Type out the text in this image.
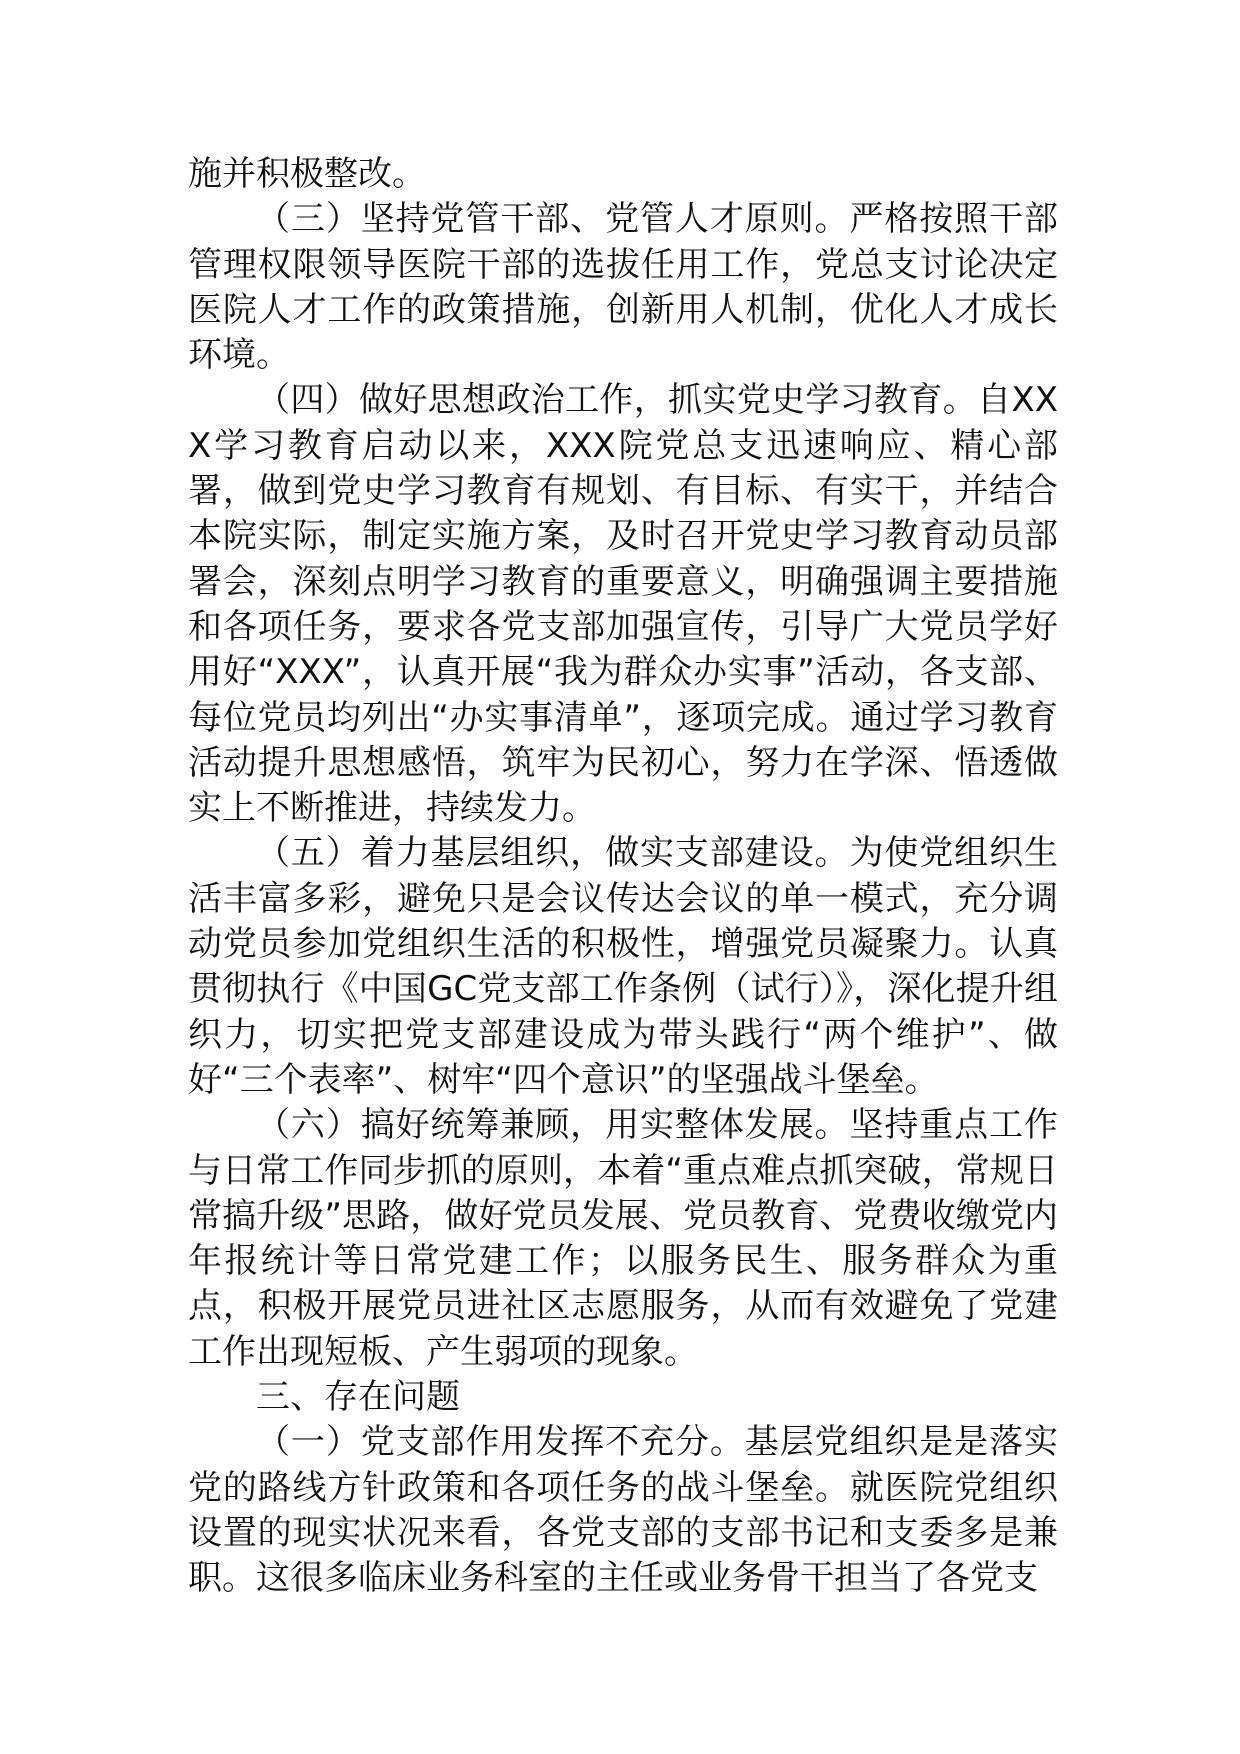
施并积极整改。

（三）坚持党管干部、党管人才原则。严格按照干部管理权限领导医院干部的选拔任用工作，党总支讨论决定医院人才工作的政策措施，创新用人机制，优化人才成长环境。

（四）做好思想政治工作，抓实党史学习教育。自XXX学习教育启动以来，XXX院党总支迅速响应、精心部署，做到党史学习教育有规划、有目标、有实干，并结合本院实际，制定实施方案，及时召开党史学习教育动员部署会，深刻点明学习教育的重要意义，明确强调主要措施和各项任务，要求各党支部加强宣传，引导广大党员学好用好“XXX”，认真开展“我为群众办实事”活动，各支部、每位党员均列出“办实事清单”，逐项完成。通过学习教育活动提升思想感悟，筑牢为民初心，努力在学深、悟透做实上不断推进，持续发力。

（五）着力基层组织，做实支部建设。为使党组织生活丰富多彩，避免只是会议传达会议的单一模式，充分调动党员参加党组织生活的积极性，增强党员凝聚力。认真贯彻执行《中国GC党支部工作条例（试行）》，深化提升组织力，切实把党支部建设成为带头践行“两个维护”、做好“三个表率”、树牢“四个意识”的坚强战斗堡垒。

（六）搞好统筹兼顾，用实整体发展。坚持重点工作与日常工作同步抓的原则，本着“重点难点抓突破，常规日常搞升级”思路，做好党员发展、党员教育、党费收缴党内年报统计等日常党建工作；以服务民生、服务群众为重点，积极开展党员进社区志愿服务，从而有效避免了党建工作出现短板、产生弱项的现象。

三、存在问题

（一）党支部作用发挥不充分。基层党组织是是落实党的路线方针政策和各项任务的战斗堡垒。就医院党组织设置的现实状况来看，各党支部的支部书记和支委多是兼职。这很多临床业务科室的主任或业务骨干担当了各党支
